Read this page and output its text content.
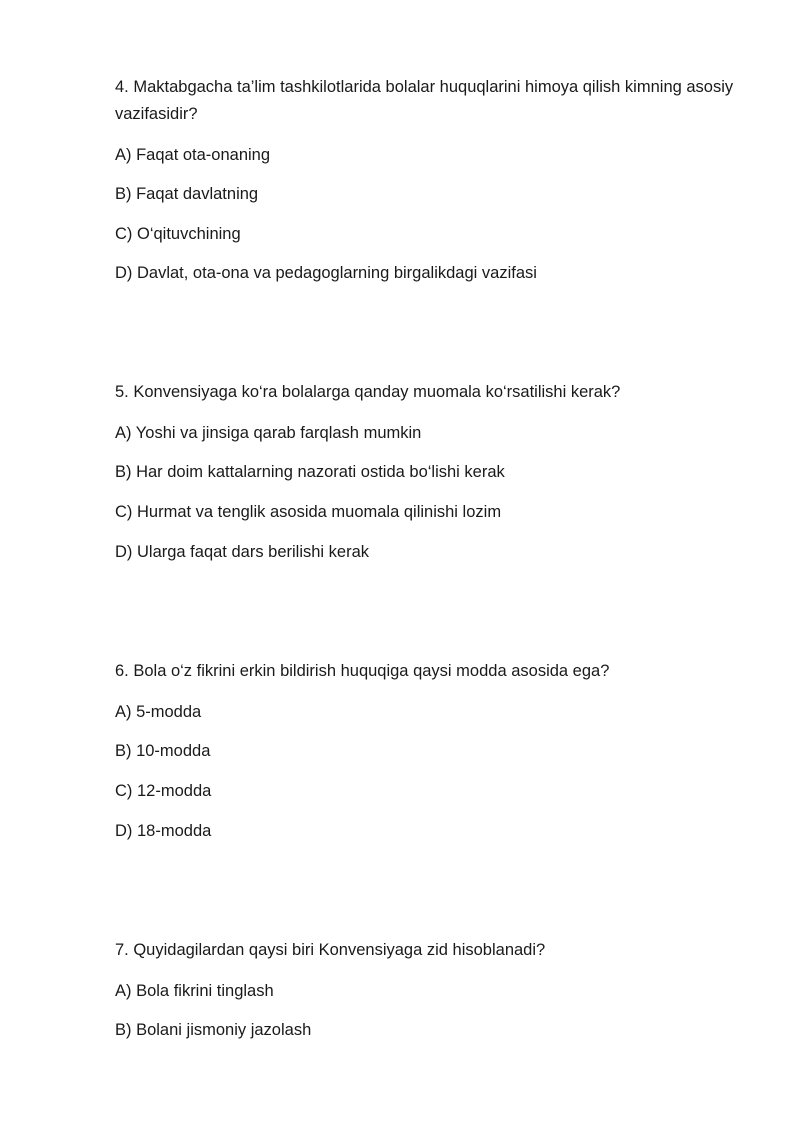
4. Maktabgacha ta’lim tashkilotlarida bolalar huquqlarini himoya qilish kimning asosiy vazifasidir?

A) Faqat ota-onaning

B) Faqat davlatning

C) O‘qituvchining

D) Davlat, ota-ona va pedagoglarning birgalikdagi vazifasi

5. Konvensiyaga ko‘ra bolalarga qanday muomala ko‘rsatilishi kerak?

A) Yoshi va jinsiga qarab farqlash mumkin

B) Har doim kattalarning nazorati ostida bo‘lishi kerak

C) Hurmat va tenglik asosida muomala qilinishi lozim

D) Ularga faqat dars berilishi kerak

6. Bola o‘z fikrini erkin bildirish huquqiga qaysi modda asosida ega?

A) 5-modda

B) 10-modda

C) 12-modda

D) 18-modda

7. Quyidagilardan qaysi biri Konvensiyaga zid hisoblanadi?

A) Bola fikrini tinglash

B) Bolani jismoniy jazolash
